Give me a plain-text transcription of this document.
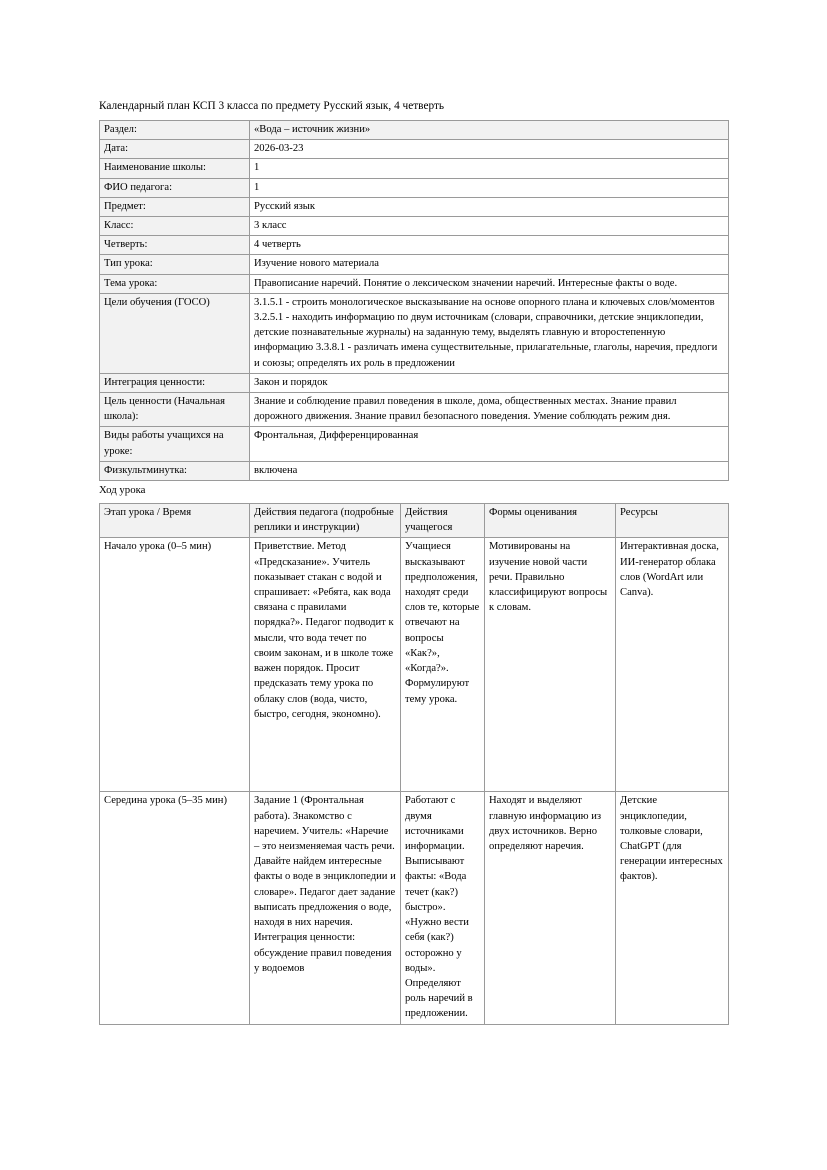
Календарный план КСП 3 класса по предмету Русский язык, 4 четверть

Раздел:	«Вода – источник жизни»
Дата:	2026-03-23
Наименование школы:	1
ФИО педагога:	1
Предмет:	Русский язык
Класс:	3 класс
Четверть:	4 четверть
Тип урока:	Изучение нового материала
Тема урока:	Правописание наречий. Понятие о лексическом значении наречий. Интересные факты о воде.
Цели обучения (ГОСО)	3.1.5.1 - строить монологическое высказывание на основе опорного плана и ключевых слов/моментов 3.2.5.1 - находить информацию по двум источникам (словари, справочники, детские энциклопедии, детские познавательные журналы) на заданную тему, выделять главную и второстепенную информацию 3.3.8.1 - различать имена существительные, прилагательные, глаголы, наречия, предлоги и союзы; определять их роль в предложении
Интеграция ценности:	Закон и порядок
Цель ценности (Начальная школа):	Знание и соблюдение правил поведения в школе, дома, общественных местах. Знание правил дорожного движения. Знание правил безопасного поведения. Умение соблюдать режим дня.
Виды работы учащихся на уроке:	Фронтальная, Дифференцированная
Физкультминутка:	включена

Ход урока

Этап урока / Время	Действия педагога (подробные реплики и инструкции)	Действия учащегося	Формы оценивания	Ресурсы
Начало урока (0–5 мин)	Приветствие. Метод «Предсказание». Учитель показывает стакан с водой и спрашивает: «Ребята, как вода связана с правилами порядка?». Педагог подводит к мысли, что вода течет по своим законам, и в школе тоже важен порядок. Просит предсказать тему урока по облаку слов (вода, чисто, быстро, сегодня, экономно).	Учащиеся высказывают предположения, находят среди слов те, которые отвечают на вопросы «Как?», «Когда?». Формулируют тему урока.	Мотивированы на изучение новой части речи. Правильно классифицируют вопросы к словам.	Интерактивная доска, ИИ-генератор облака слов (WordArt или Canva).
Середина урока (5–35 мин)	Задание 1 (Фронтальная работа). Знакомство с наречием. Учитель: «Наречие – это неизменяемая часть речи. Давайте найдем интересные факты о воде в энциклопедии и словаре». Педагог дает задание выписать предложения о воде, находя в них наречия. Интеграция ценности: обсуждение правил поведения у водоемов	Работают с двумя источниками информации. Выписывают факты: «Вода течет (как?) быстро». «Нужно вести себя (как?) осторожно у воды». Определяют роль наречий в предложении.	Находят и выделяют главную информацию из двух источников. Верно определяют наречия.	Детские энциклопедии, толковые словари, ChatGPT (для генерации интересных фактов).
